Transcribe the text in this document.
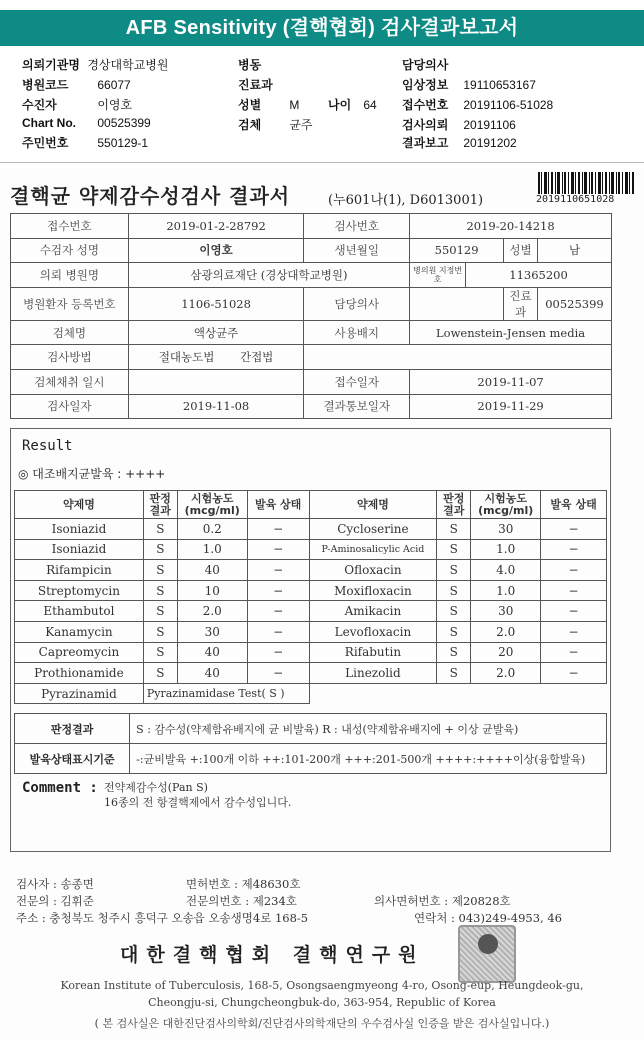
AFB Sensitivity (결핵협회) 검사결과보고서
의뢰기관명 경상대학교병원
병원코드 66077
수진자	이영호
Chart No. 00525399
주민번호 550129-1
병동
진료과
성별 M 나이 64
검체 균주
담당의사
임상정보 19110653167
접수번호 20191106-51028
검사의뢰 20191106
결과보고 20191202
결핵균 약제감수성검사 결과서	(누601나(1), D6013001)	2019110651028
접수번호	2019-01-2-28792	검사번호	2019-20-14218			
수검자 성명	이영호	생년월일	550129		성별	남
의뢰 병원명	삼광의료재단 (경상대학교병원)		병의원 지정번호	11365200		
병원환자 등록번호	1106-51028	담당의사			진료과	00525399
검체명	액상균주	사용배지	Lowenstein-Jensen media			
검사방법	절대농도법 간접법					
검체채취 일시		접수일자	2019-11-07			
검사일자	2019-11-08	결과통보일자	2019-11-29			
Result
◎ 대조배지균발육 : ++++
약제명	판정 결과	시험농도 (mcg/ml)	발육 상태	약제명	판정 결과	시험농도 (mcg/ml)	발육 상태
Isoniazid	S	0.2	−	Cycloserine	S	30	−
Isoniazid	S	1.0	−	P-Aminosalicylic Acid	S	1.0	−
Rifampicin	S	40	−	Ofloxacin	S	4.0	−
Streptomycin	S	10	−	Moxifloxacin	S	1.0	−
Ethambutol	S	2.0	−	Amikacin	S	30	−
Kanamycin	S	30	−	Levofloxacin	S	2.0	−
Capreomycin	S	40	−	Rifabutin	S	20	−
Prothionamide	S	40	−	Linezolid	S	2.0	−
Pyrazinamid	Pyrazinamidase Test( S )						
판정결과	S : 감수성(약제함유배지에 균 비발육) R : 내성(약제함유배지에 + 이상 균발육)
발육상태표시기준	-:균비발육 +:100개 이하 ++:101-200개 +++:201-500개 ++++:++++이상(융합발육)
Comment : 전약제감수성(Pan S)
16종의 전 항결핵제에서 감수성입니다.
검사자 : 송종면	면허번호 : 제48630호
전문의 : 김휘준	전문의번호 : 제234호	의사면허번호 : 제20828호
주소 : 충청북도 청주시 흥덕구 오송읍 오송생명4로 168-5	연락처 : 043)249-4953, 46
대한결핵협회 결핵연구원
Korean Institute of Tuberculosis, 168-5, Osongsaengmyeong 4-ro, Osong-eup, Heungdeok-gu,
Cheongju-si, Chungcheongbuk-do, 363-954, Republic of Korea
( 본 검사실은 대한진단검사의학회/진단검사의학재단의 우수검사실 인증을 받은 검사실입니다.)
